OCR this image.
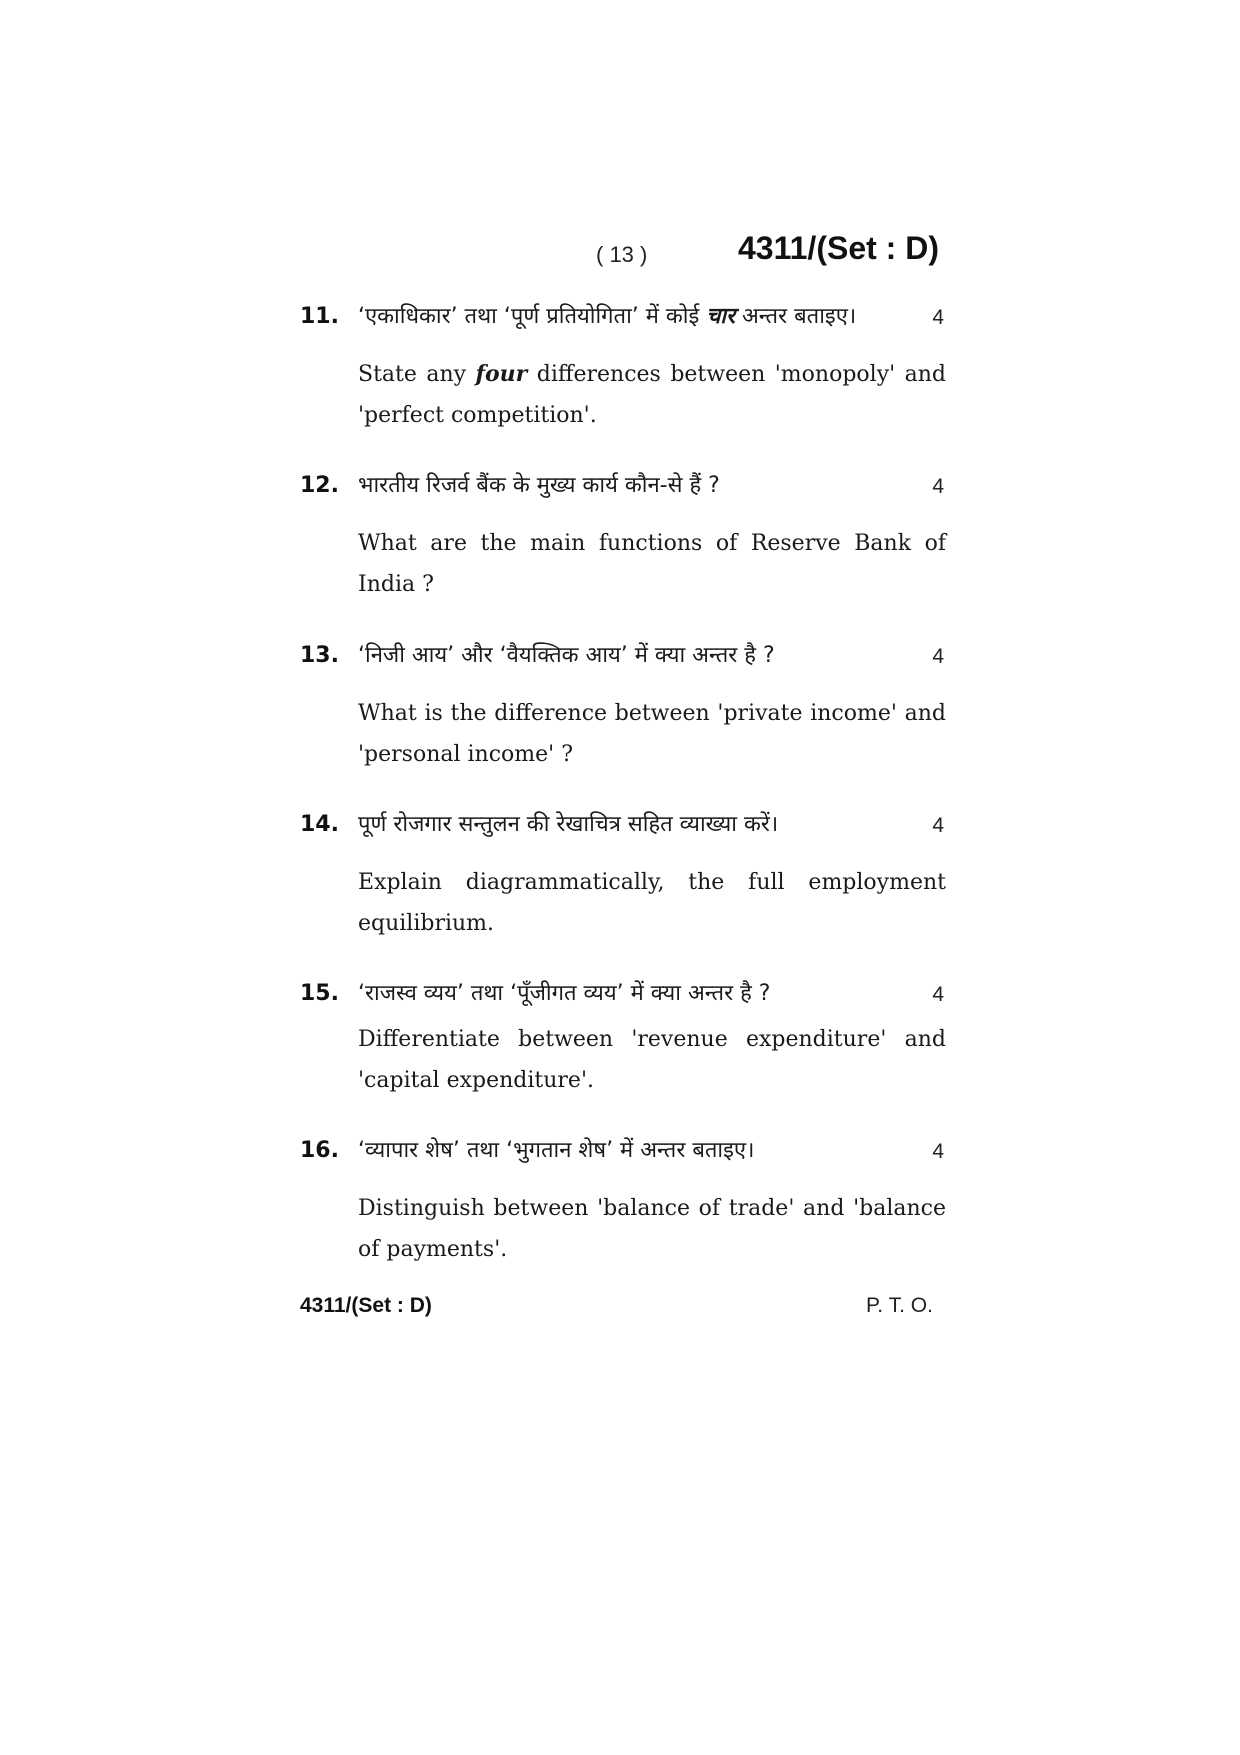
( 13 )	4311/(Set : D)
11. ‘एकाधिकार’ तथा ‘पूर्ण प्रतियोगिता’ में कोई चार अन्तर बताइए।	4
State any four differences between 'monopoly' and 'perfect competition'.
12. भारतीय रिजर्व बैंक के मुख्य कार्य कौन-से हैं ?	4
What are the main functions of Reserve Bank of India ?
13. ‘निजी आय’ और ‘वैयक्तिक आय’ में क्या अन्तर है ?	4
What is the difference between 'private income' and 'personal income' ?
14. पूर्ण रोजगार सन्तुलन की रेखाचित्र सहित व्याख्या करें।	4
Explain diagrammatically, the full employment equilibrium.
15. ‘राजस्व व्यय’ तथा ‘पूँजीगत व्यय’ में क्या अन्तर है ?	4
Differentiate between 'revenue expenditure' and 'capital expenditure'.
16. ‘व्यापार शेष’ तथा ‘भुगतान शेष’ में अन्तर बताइए।	4
Distinguish between 'balance of trade' and 'balance of payments'.
4311/(Set : D)	P. T. O.
